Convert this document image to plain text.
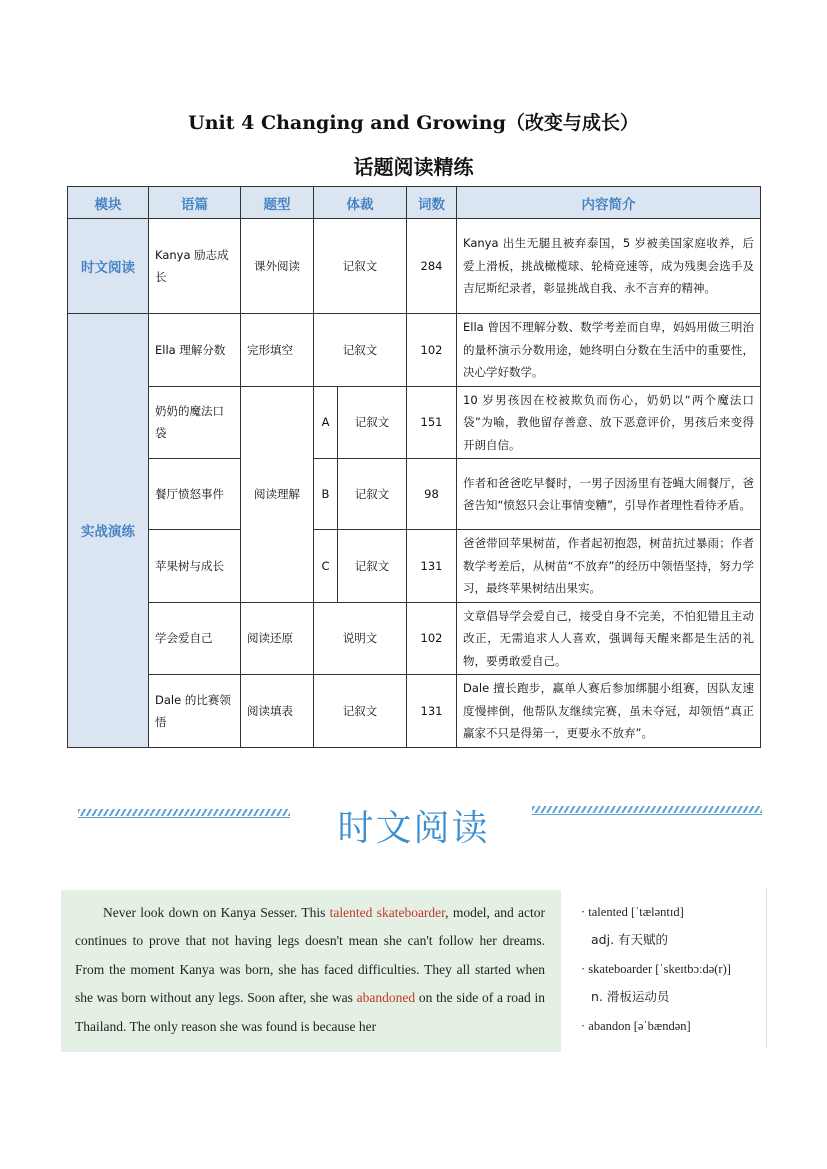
Unit 4 Changing and Growing（改变与成长）
话题阅读精练
模块	语篇	题型	体裁		词数	内容简介
时文阅读	Kanya 励志成长	课外阅读	记叙文		284	Kanya 出生无腿且被弃泰国，5 岁被美国家庭收养，后爱上滑板，挑战橄榄球、轮椅竞速等，成为残奥会选手及吉尼斯纪录者，彰显挑战自我、永不言弃的精神。
实战演练	Ella 理解分数	完形填空	记叙文		102	Ella 曾因不理解分数、数学考差而自卑，妈妈用做三明治的量杯演示分数用途，她终明白分数在生活中的重要性，决心学好数学。
	奶奶的魔法口袋	阅读理解	A	记叙文	151	10 岁男孩因在校被欺负而伤心，奶奶以“两个魔法口袋”为喻，教他留存善意、放下恶意评价，男孩后来变得开朗自信。
	餐厅愤怒事件		B	记叙文	98	作者和爸爸吃早餐时，一男子因汤里有苍蝇大闹餐厅，爸爸告知“愤怒只会让事情变糟”，引导作者理性看待矛盾。
	苹果树与成长		C	记叙文	131	爸爸带回苹果树苗，作者起初抱怨，树苗抗过暴雨；作者数学考差后，从树苗“不放弃”的经历中领悟坚持，努力学习，最终苹果树结出果实。
	学会爱自己	阅读还原	说明文		102	文章倡导学会爱自己，接受自身不完美，不怕犯错且主动改正，无需追求人人喜欢，强调每天醒来都是生活的礼物，要勇敢爱自己。
	Dale 的比赛领悟	阅读填表	记叙文		131	Dale 擅长跑步，赢单人赛后参加绑腿小组赛，因队友速度慢摔倒，他帮队友继续完赛，虽未夺冠，却领悟“真正赢家不只是得第一，更要永不放弃”。
时文阅读
Never look down on Kanya Sesser. This talented skateboarder, model, and actor continues to prove that not having legs doesn't mean she can't follow her dreams. From the moment Kanya was born, she has faced difficulties. They all started when she was born without any legs. Soon after, she was abandoned on the side of a road in Thailand. The only reason she was found is because her
· talented [ˈtæləntɪd]
adj. 有天赋的
· skateboarder [ˈskeɪtbɔːdə(r)]
n. 滑板运动员
· abandon [əˈbændən]
